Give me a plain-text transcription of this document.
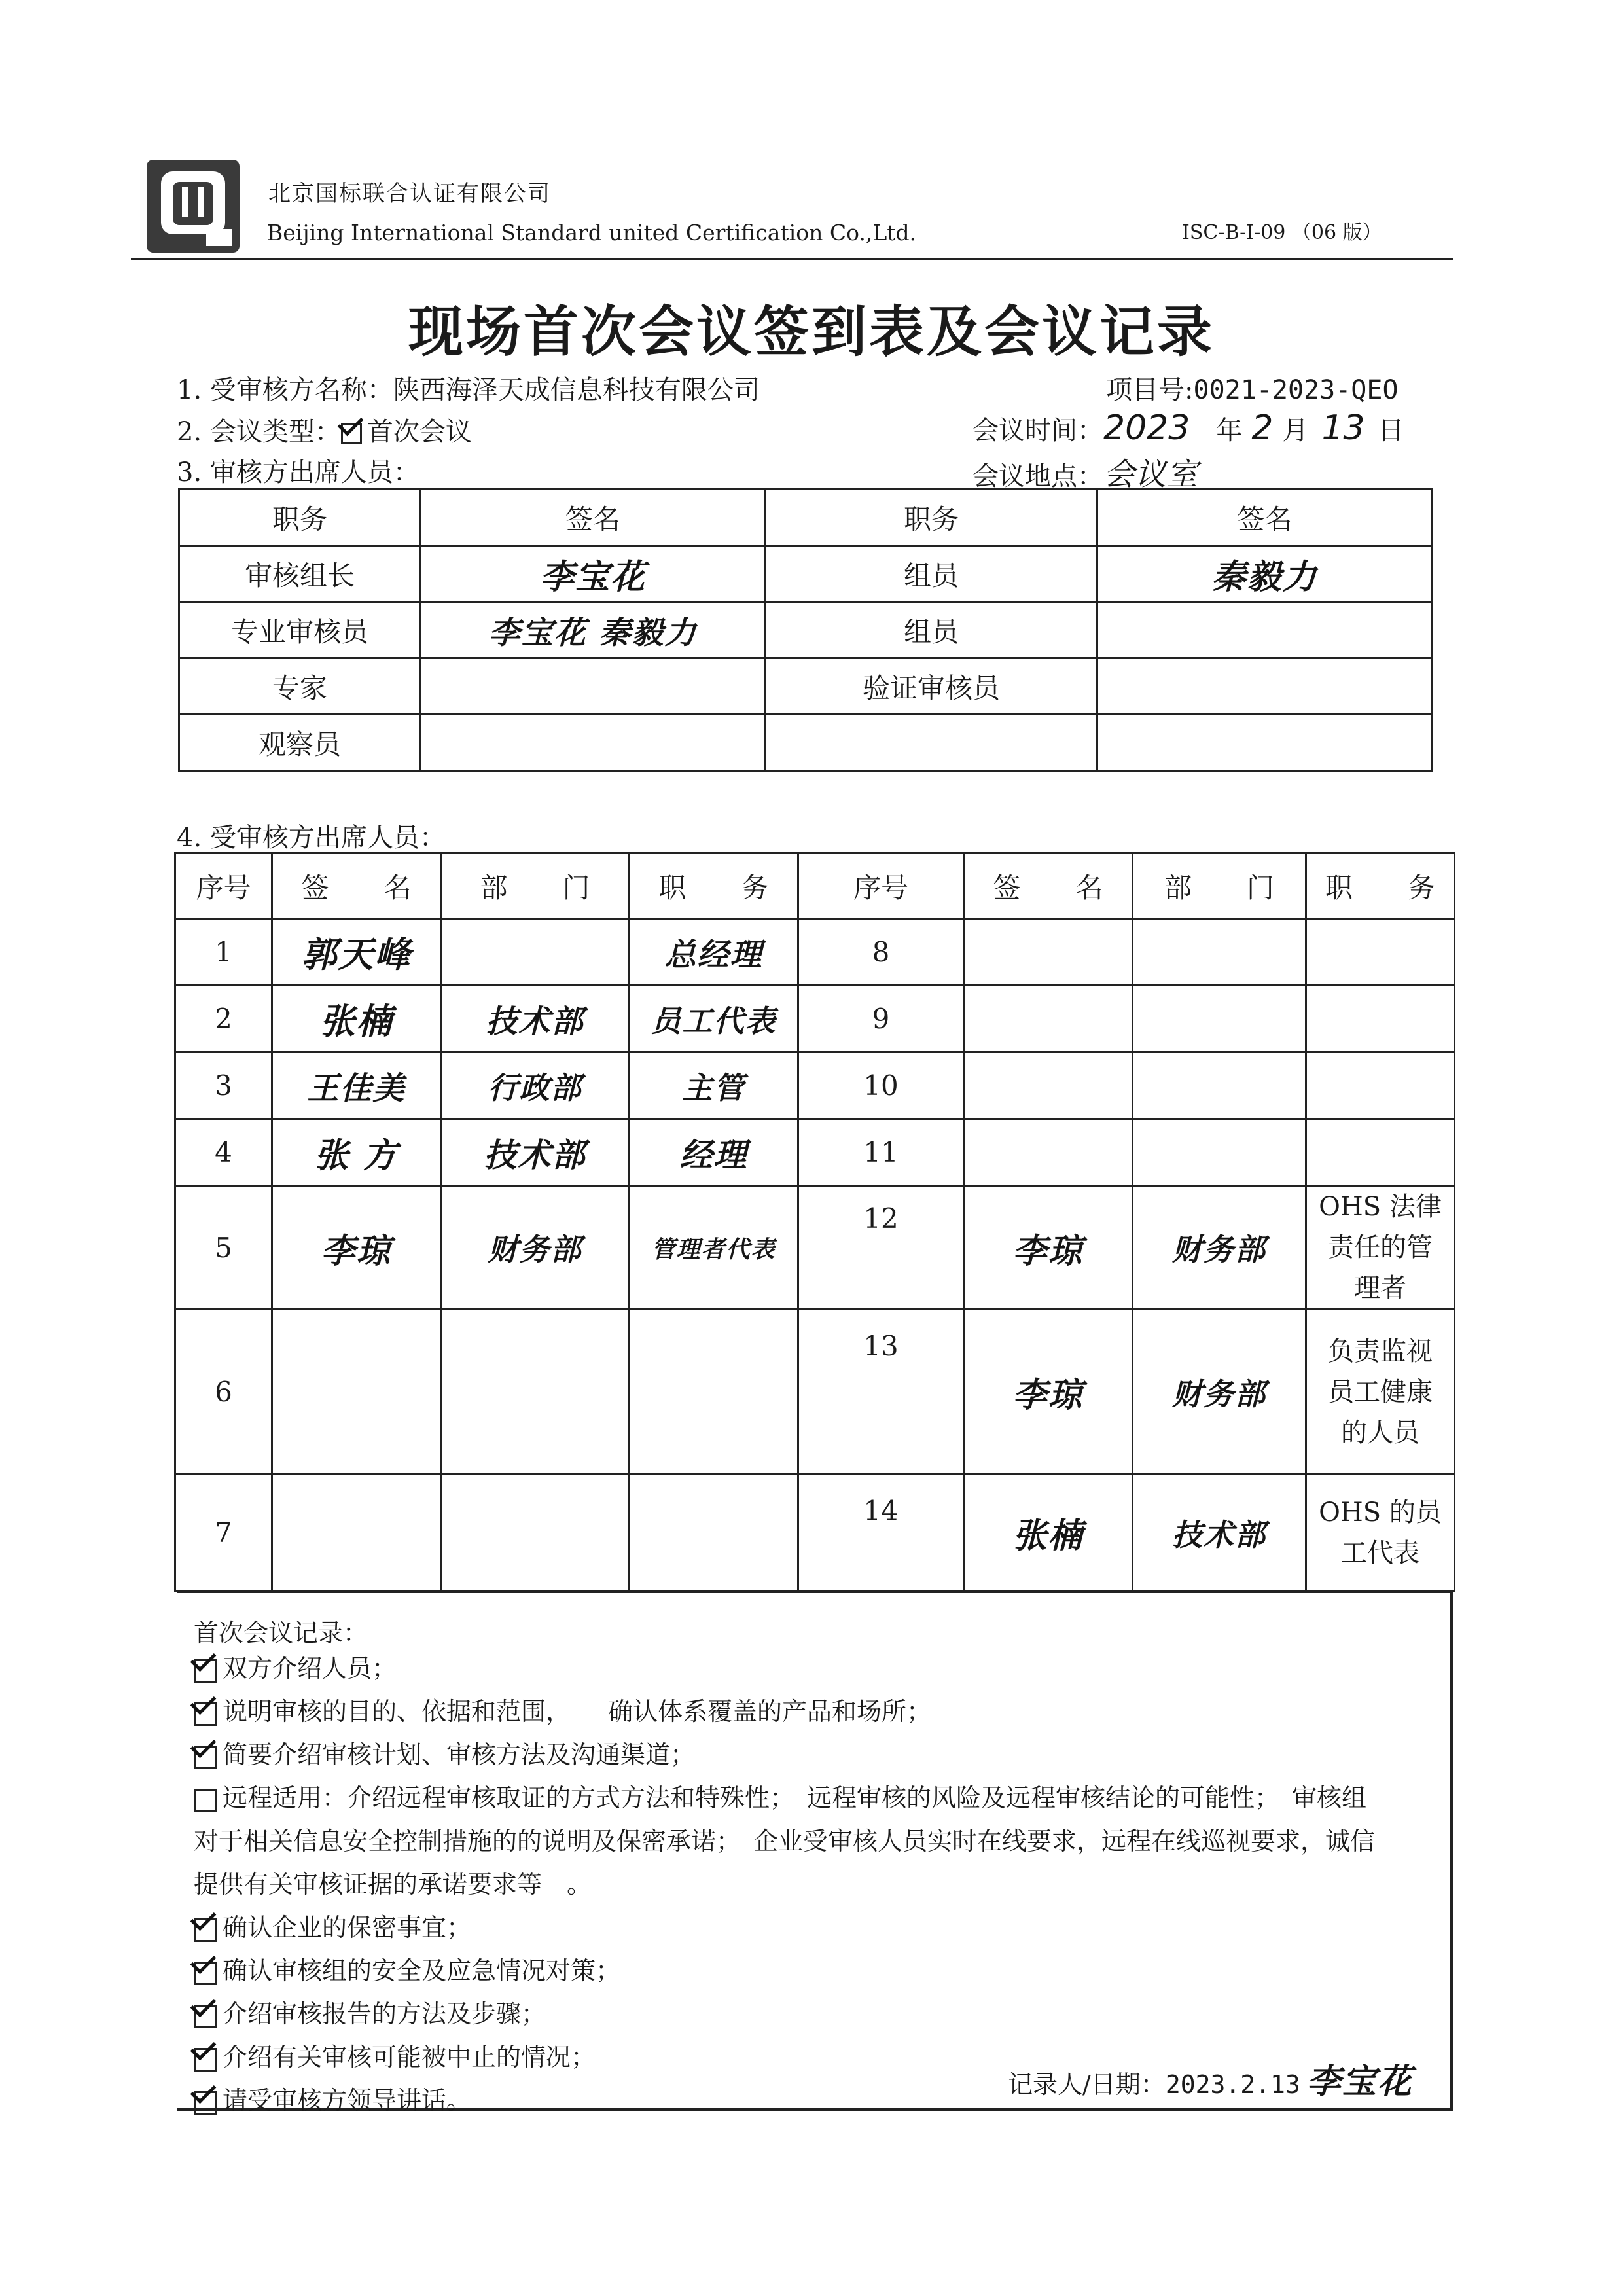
北京国标联合认证有限公司
Beijing International Standard united Certification Co.,Ltd.	ISC-B-I-09 （06 版）
现场首次会议签到表及会议记录
1. 受审核方名称：陕西海泽天成信息科技有限公司	项目号:0021-2023-QEO
2. 会议类型： 首次会议	会议时间：2023 年 2 月 13 日
3. 审核方出席人员：	会议地点：会议室
职务	签名	职务	签名
审核组长	李宝花	组员	秦毅力
专业审核员	李宝花 秦毅力	组员	
专家		验证审核员	
观察员			
4. 受审核方出席人员：
序号	签　　名	部　　门	职　　务	序号	签　　名	部　　门	职　　务
1	郭天峰		总经理	8			
2	张楠	技术部	员工代表	9			
3	王佳美	行政部	主管	10			
4	张 方	技术部	经理	11			
5	李琼	财务部	管理者代表	12	李琼	财务部	OHS 法律责任的管理者
6				13	李琼	财务部	负责监视员工健康的人员
7				14	张楠	技术部	OHS 的员工代表
首次会议记录：
双方介绍人员；
说明审核的目的、依据和范围，　　确认体系覆盖的产品和场所；
简要介绍审核计划、审核方法及沟通渠道；
远程适用：介绍远程审核取证的方式方法和特殊性；　远程审核的风险及远程审核结论的可能性；　审核组
对于相关信息安全控制措施的的说明及保密承诺；　企业受审核人员实时在线要求，远程在线巡视要求，诚信
提供有关审核证据的承诺要求等　。
确认企业的保密事宜；
确认审核组的安全及应急情况对策；
介绍审核报告的方法及步骤；
介绍有关审核可能被中止的情况；
请受审核方领导讲话。
记录人/日期：2023.2.13 李宝花
